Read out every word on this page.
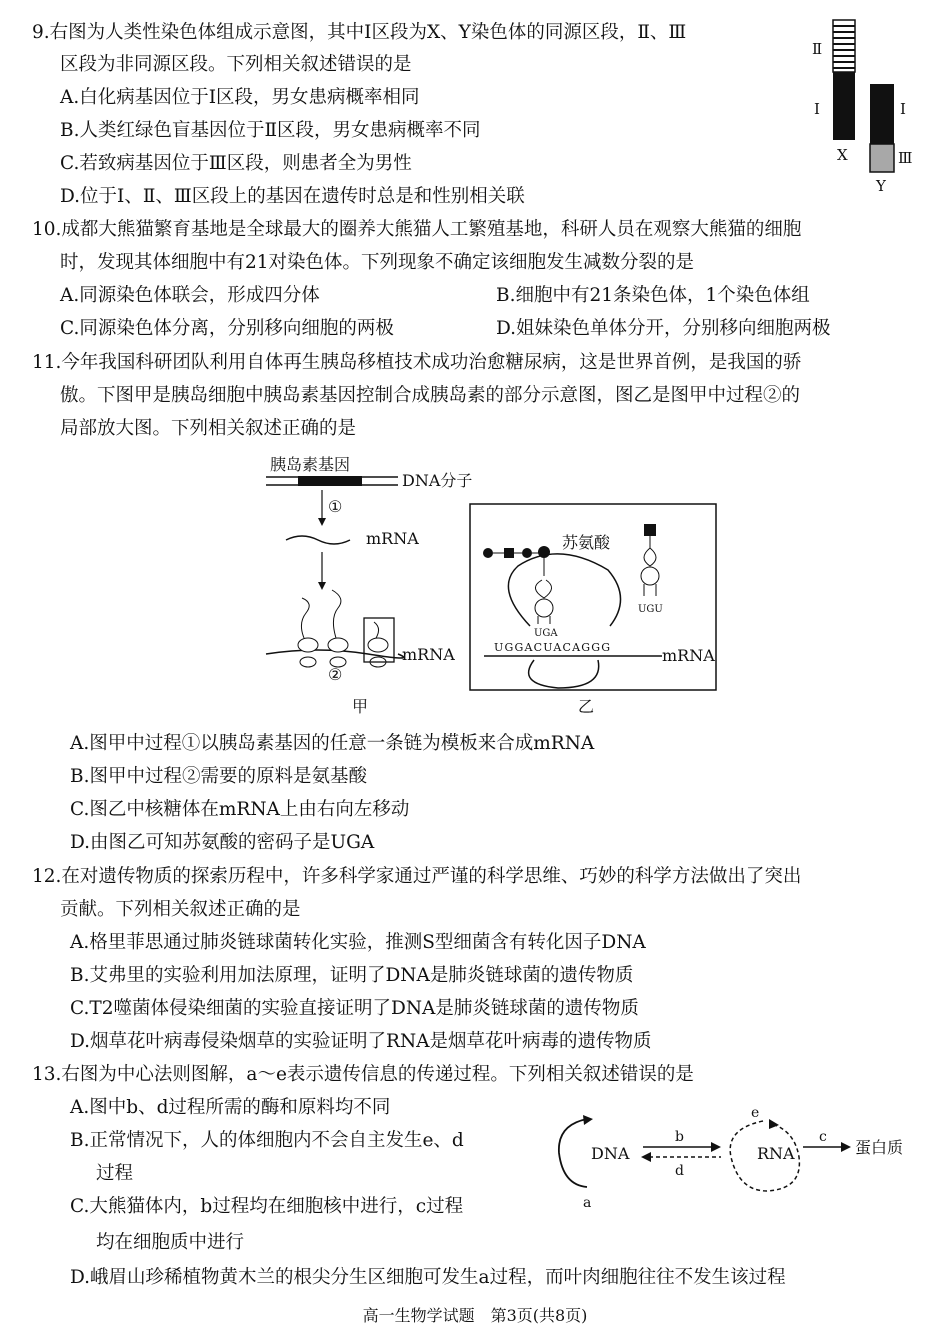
9.右图为人类性染色体组成示意图，其中Ⅰ区段为X、Y染色体的同源区段，Ⅱ、Ⅲ
区段为非同源区段。下列相关叙述错误的是
A.白化病基因位于Ⅰ区段，男女患病概率相同
B.人类红绿色盲基因位于Ⅱ区段，男女患病概率不同
C.若致病基因位于Ⅲ区段，则患者全为男性
D.位于Ⅰ、Ⅱ、Ⅲ区段上的基因在遗传时总是和性别相关联
Ⅱ
Ⅰ
X
Ⅰ
Ⅲ
Y
10.成都大熊猫繁育基地是全球最大的圈养大熊猫人工繁殖基地，科研人员在观察大熊猫的细胞
时，发现其体细胞中有21对染色体。下列现象不确定该细胞发生减数分裂的是
A.同源染色体联会，形成四分体	B.细胞中有21条染色体，1个染色体组
C.同源染色体分离，分别移向细胞的两极	D.姐妹染色单体分开，分别移向细胞两极
11.今年我国科研团队利用自体再生胰岛移植技术成功治愈糖尿病，这是世界首例，是我国的骄
傲。下图甲是胰岛细胞中胰岛素基因控制合成胰岛素的部分示意图，图乙是图甲中过程②的
局部放大图。下列相关叙述正确的是
胰岛素基因
DNA分子
①
mRNA
mRNA
②
甲
苏氨酸
UGA
UGU
UGGACUACAGGG	mRNA
乙
A.图甲中过程①以胰岛素基因的任意一条链为模板来合成mRNA
B.图甲中过程②需要的原料是氨基酸
C.图乙中核糖体在mRNA上由右向左移动
D.由图乙可知苏氨酸的密码子是UGA
12.在对遗传物质的探索历程中，许多科学家通过严谨的科学思维、巧妙的科学方法做出了突出
贡献。下列相关叙述正确的是
A.格里菲思通过肺炎链球菌转化实验，推测S型细菌含有转化因子DNA
B.艾弗里的实验利用加法原理，证明了DNA是肺炎链球菌的遗传物质
C.T2噬菌体侵染细菌的实验直接证明了DNA是肺炎链球菌的遗传物质
D.烟草花叶病毒侵染烟草的实验证明了RNA是烟草花叶病毒的遗传物质
13.右图为中心法则图解，a～e表示遗传信息的传递过程。下列相关叙述错误的是
A.图中b、d过程所需的酶和原料均不同
B.正常情况下，人的体细胞内不会自主发生e、d
过程
C.大熊猫体内，b过程均在细胞核中进行，c过程
均在细胞质中进行
D.峨眉山珍稀植物黄木兰的根尖分生区细胞可发生a过程，而叶肉细胞往往不发生该过程
DNA
a
b
d
e
RNA
c
蛋白质
高一生物学试题　第3页(共8页)
